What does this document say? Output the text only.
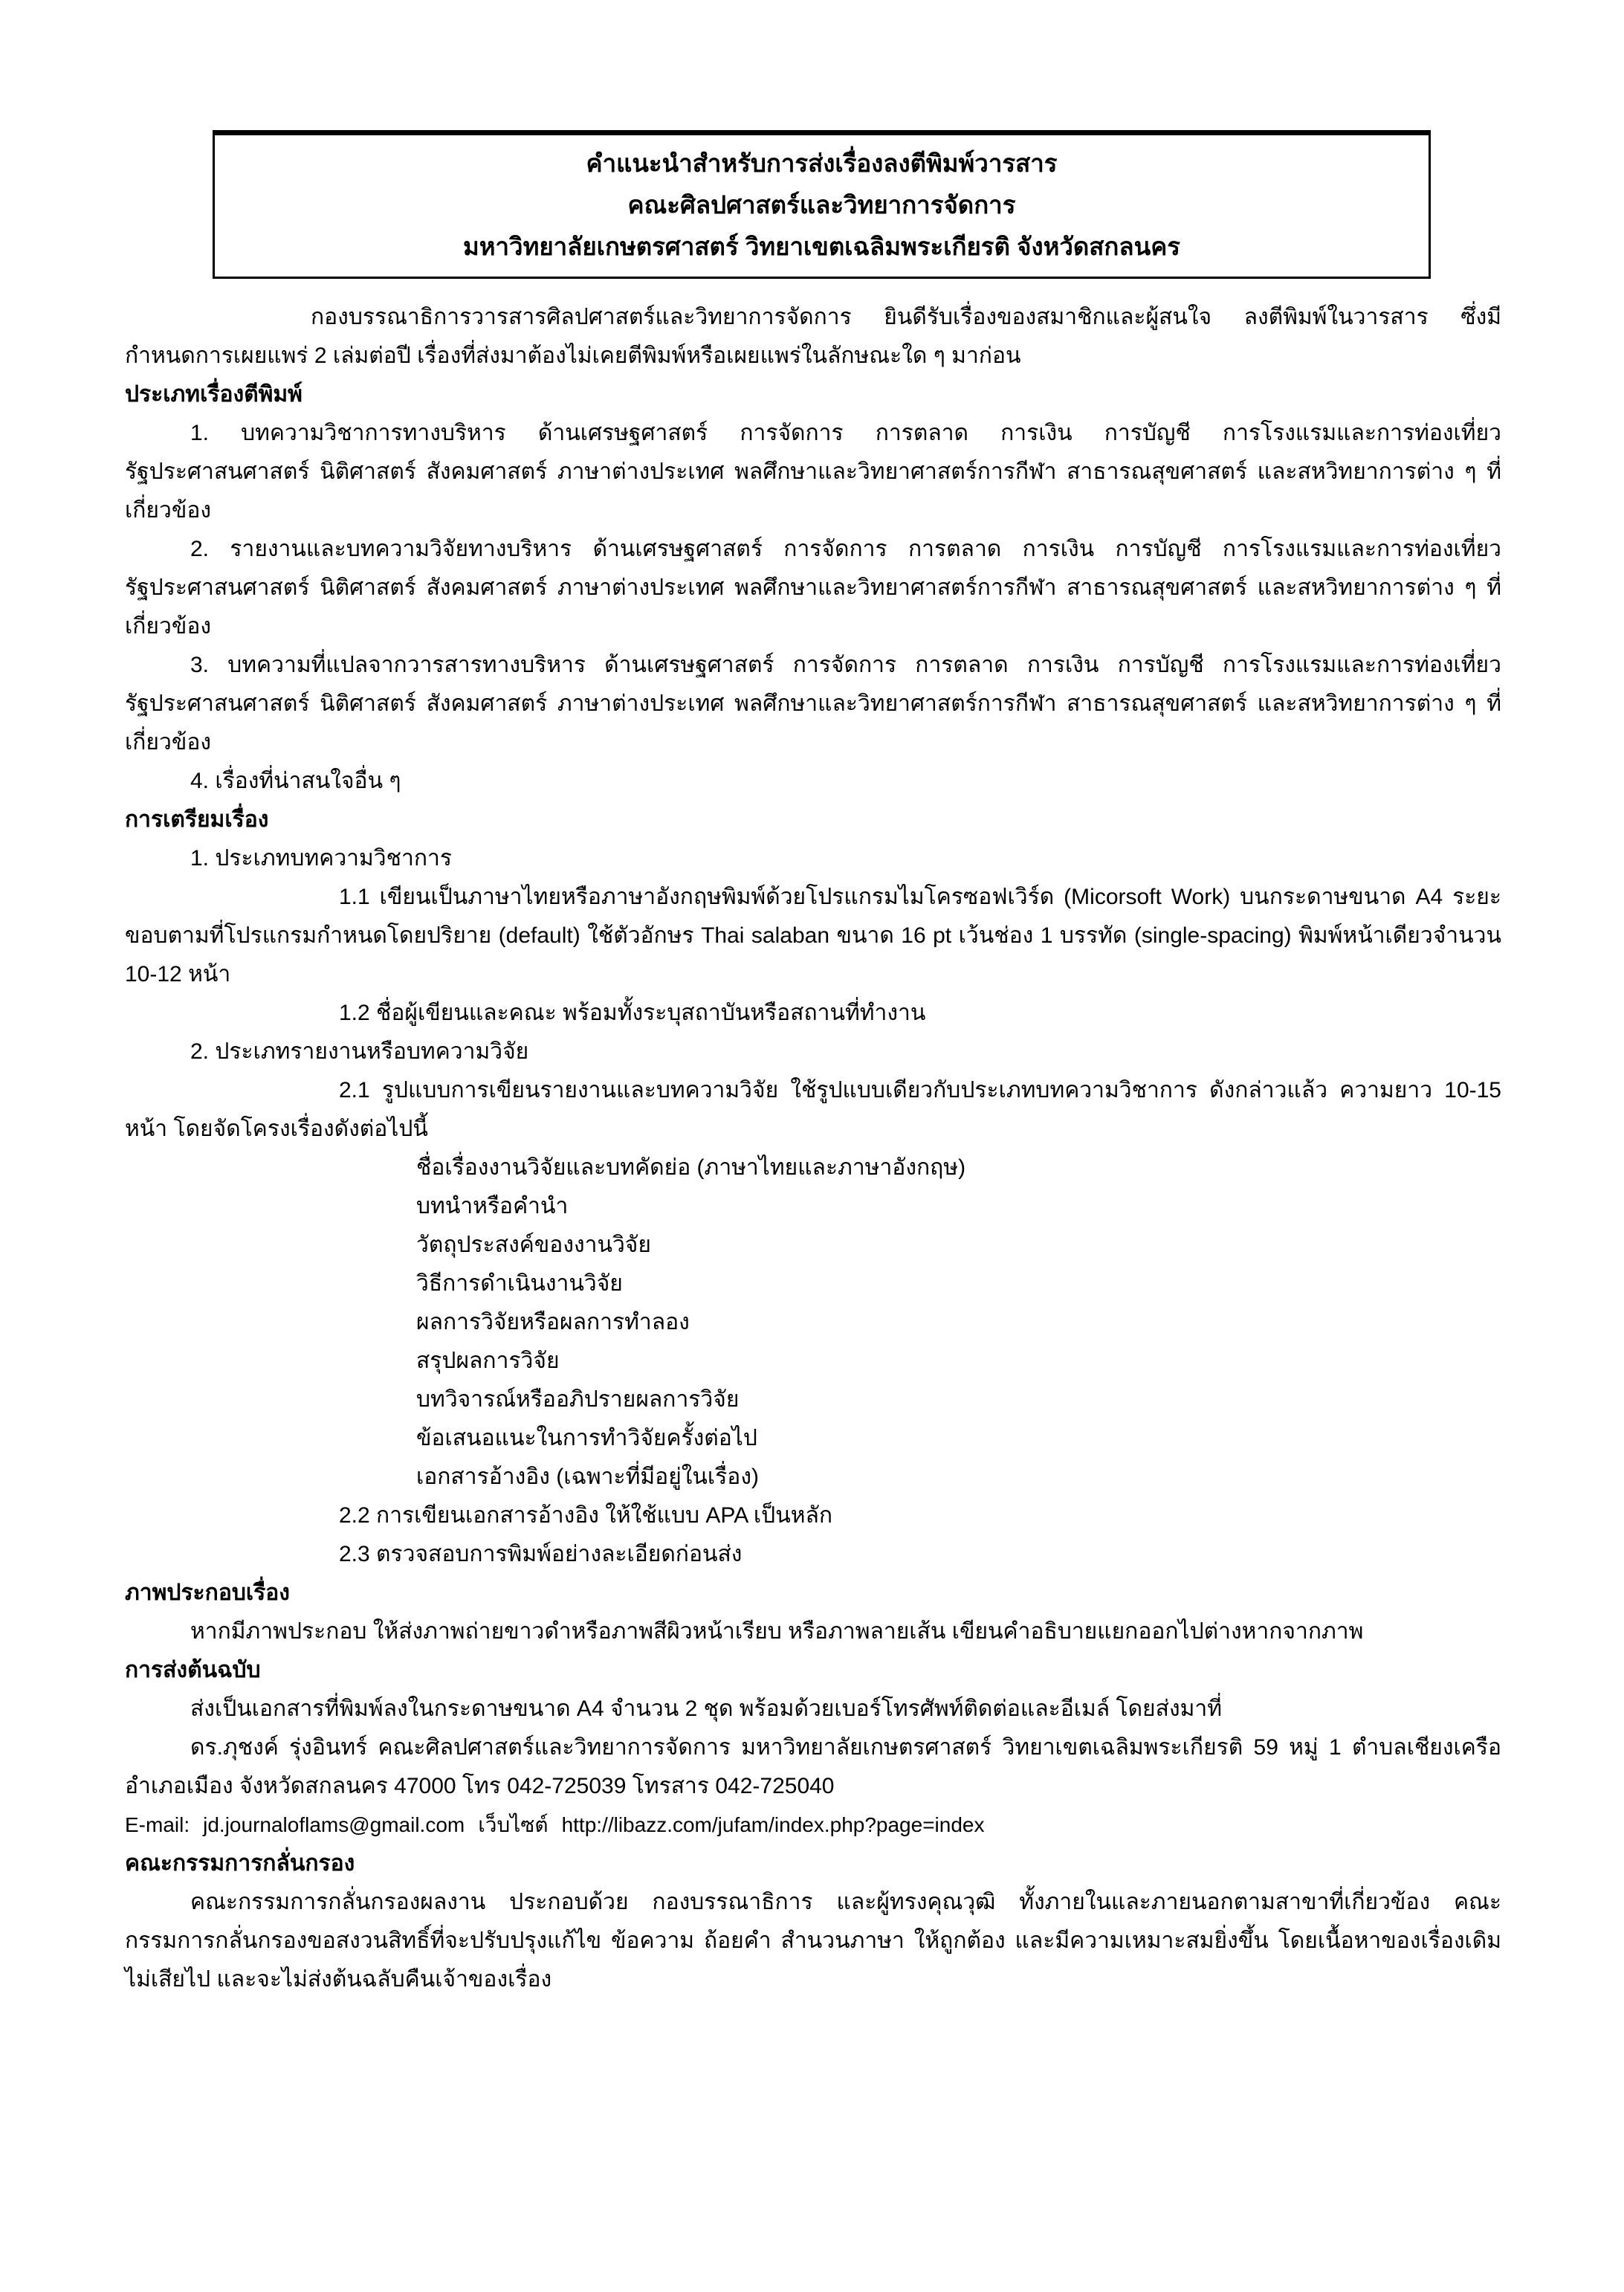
คำแนะนำสำหรับการส่งเรื่องลงตีพิมพ์วารสาร
คณะศิลปศาสตร์และวิทยาการจัดการ
มหาวิทยาลัยเกษตรศาสตร์ วิทยาเขตเฉลิมพระเกียรติ จังหวัดสกลนคร
กองบรรณาธิการวารสารศิลปศาสตร์และวิทยาการจัดการ ยินดีรับเรื่องของสมาชิกและผู้สนใจ ลงตีพิมพ์ในวารสาร ซึ่งมีกำหนดการเผยแพร่ 2 เล่มต่อปี เรื่องที่ส่งมาต้องไม่เคยตีพิมพ์หรือเผยแพร่ในลักษณะใด ๆ มาก่อน
ประเภทเรื่องตีพิมพ์
1. บทความวิชาการทางบริหาร ด้านเศรษฐศาสตร์ การจัดการ การตลาด การเงิน การบัญชี การโรงแรมและการท่องเที่ยว รัฐประศาสนศาสตร์ นิติศาสตร์ สังคมศาสตร์ ภาษาต่างประเทศ พลศึกษาและวิทยาศาสตร์การกีฬา สาธารณสุขศาสตร์ และสหวิทยาการต่าง ๆ ที่เกี่ยวข้อง
2. รายงานและบทความวิจัยทางบริหาร ด้านเศรษฐศาสตร์ การจัดการ การตลาด การเงิน การบัญชี การโรงแรมและการท่องเที่ยว รัฐประศาสนศาสตร์ นิติศาสตร์ สังคมศาสตร์ ภาษาต่างประเทศ พลศึกษาและวิทยาศาสตร์การกีฬา สาธารณสุขศาสตร์ และสหวิทยาการต่าง ๆ ที่เกี่ยวข้อง
3. บทความที่แปลจากวารสารทางบริหาร ด้านเศรษฐศาสตร์ การจัดการ การตลาด การเงิน การบัญชี การโรงแรมและการท่องเที่ยว รัฐประศาสนศาสตร์ นิติศาสตร์ สังคมศาสตร์ ภาษาต่างประเทศ พลศึกษาและวิทยาศาสตร์การกีฬา สาธารณสุขศาสตร์ และสหวิทยาการต่าง ๆ ที่เกี่ยวข้อง
4. เรื่องที่น่าสนใจอื่น ๆ
การเตรียมเรื่อง
1. ประเภทบทความวิชาการ
1.1 เขียนเป็นภาษาไทยหรือภาษาอังกฤษพิมพ์ด้วยโปรแกรมไมโครซอฟเวิร์ด (Micorsoft Work) บนกระดาษขนาด A4 ระยะขอบตามที่โปรแกรมกำหนดโดยปริยาย (default) ใช้ตัวอักษร Thai salaban ขนาด 16 pt เว้นช่อง 1 บรรทัด (single-spacing) พิมพ์หน้าเดียวจำนวน 10-12 หน้า
1.2 ชื่อผู้เขียนและคณะ พร้อมทั้งระบุสถาบันหรือสถานที่ทำงาน
2. ประเภทรายงานหรือบทความวิจัย
2.1 รูปแบบการเขียนรายงานและบทความวิจัย ใช้รูปแบบเดียวกับประเภทบทความวิชาการ ดังกล่าวแล้ว ความยาว 10-15 หน้า โดยจัดโครงเรื่องดังต่อไปนี้
ชื่อเรื่องงานวิจัยและบทคัดย่อ (ภาษาไทยและภาษาอังกฤษ)
บทนำหรือคำนำ
วัตถุประสงค์ของงานวิจัย
วิธีการดำเนินงานวิจัย
ผลการวิจัยหรือผลการทำลอง
สรุปผลการวิจัย
บทวิจารณ์หรืออภิปรายผลการวิจัย
ข้อเสนอแนะในการทำวิจัยครั้งต่อไป
เอกสารอ้างอิง (เฉพาะที่มีอยู่ในเรื่อง)
2.2 การเขียนเอกสารอ้างอิง ให้ใช้แบบ APA เป็นหลัก
2.3 ตรวจสอบการพิมพ์อย่างละเอียดก่อนส่ง
ภาพประกอบเรื่อง
หากมีภาพประกอบ ให้ส่งภาพถ่ายขาวดำหรือภาพสีผิวหน้าเรียบ หรือภาพลายเส้น เขียนคำอธิบายแยกออกไปต่างหากจากภาพ
การส่งต้นฉบับ
ส่งเป็นเอกสารที่พิมพ์ลงในกระดาษขนาด A4 จำนวน 2 ชุด พร้อมด้วยเบอร์โทรศัพท์ติดต่อและอีเมล์ โดยส่งมาที่
ดร.ภุชงค์ รุ่งอินทร์ คณะศิลปศาสตร์และวิทยาการจัดการ มหาวิทยาลัยเกษตรศาสตร์ วิทยาเขตเฉลิมพระเกียรติ 59 หมู่ 1 ตำบลเชียงเครือ อำเภอเมือง จังหวัดสกลนคร 47000 โทร 042-725039 โทรสาร 042-725040
E-mail: jd.journaloflams@gmail.com เว็บไซต์ http://libazz.com/jufam/index.php?page=index
คณะกรรมการกลั่นกรอง
คณะกรรมการกลั่นกรองผลงาน ประกอบด้วย กองบรรณาธิการ และผู้ทรงคุณวุฒิ ทั้งภายในและภายนอกตามสาขาที่เกี่ยวข้อง คณะกรรมการกลั่นกรองขอสงวนสิทธิ์ที่จะปรับปรุงแก้ไข ข้อความ ถ้อยคำ สำนวนภาษา ให้ถูกต้อง และมีความเหมาะสมยิ่งขึ้น โดยเนื้อหาของเรื่องเดิมไม่เสียไป และจะไม่ส่งต้นฉลับคืนเจ้าของเรื่อง
